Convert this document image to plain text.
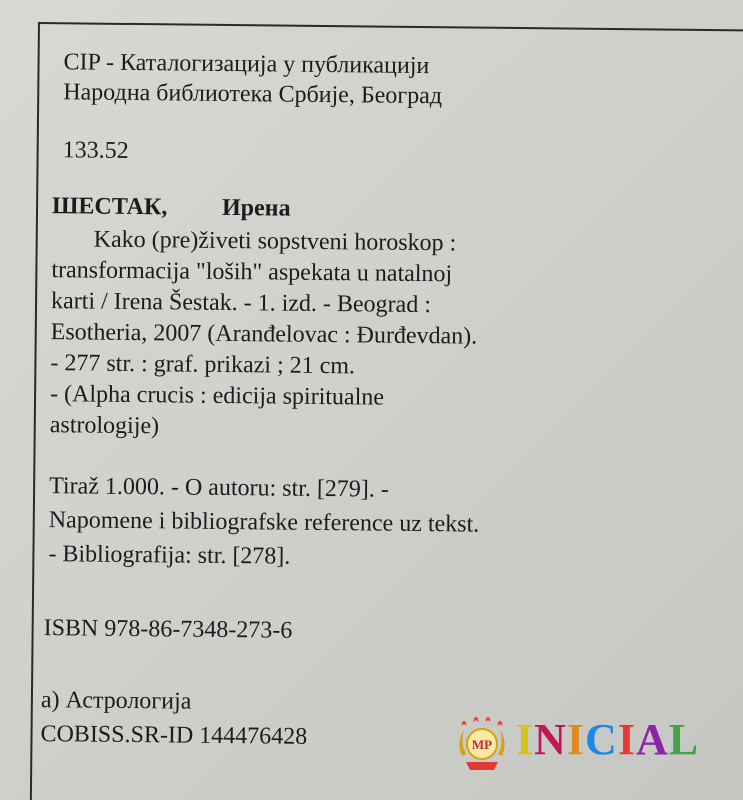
CIP - Каталогизација у публикацији
Народна библиотека Србије, Београд
133.52
ШЕСТАК, Ирена
Kako (pre)živeti sopstveni horoskop :
transformacija "loših" aspekata u natalnoj
karti / Irena Šestak. - 1. izd. - Beograd :
Esotheria, 2007 (Aranđelovac : Đurđevdan).
- 277 str. : graf. prikazi ; 21 cm.
- (Alpha crucis : edicija spiritualne
astrologije)
Tiraž 1.000. - O autoru: str. [279]. -
Napomene i bibliografske reference uz tekst.
- Bibliografija: str. [278].
ISBN 978-86-7348-273-6
а) Астрологија
COBISS.SR-ID 144476428	MP INICIAL
